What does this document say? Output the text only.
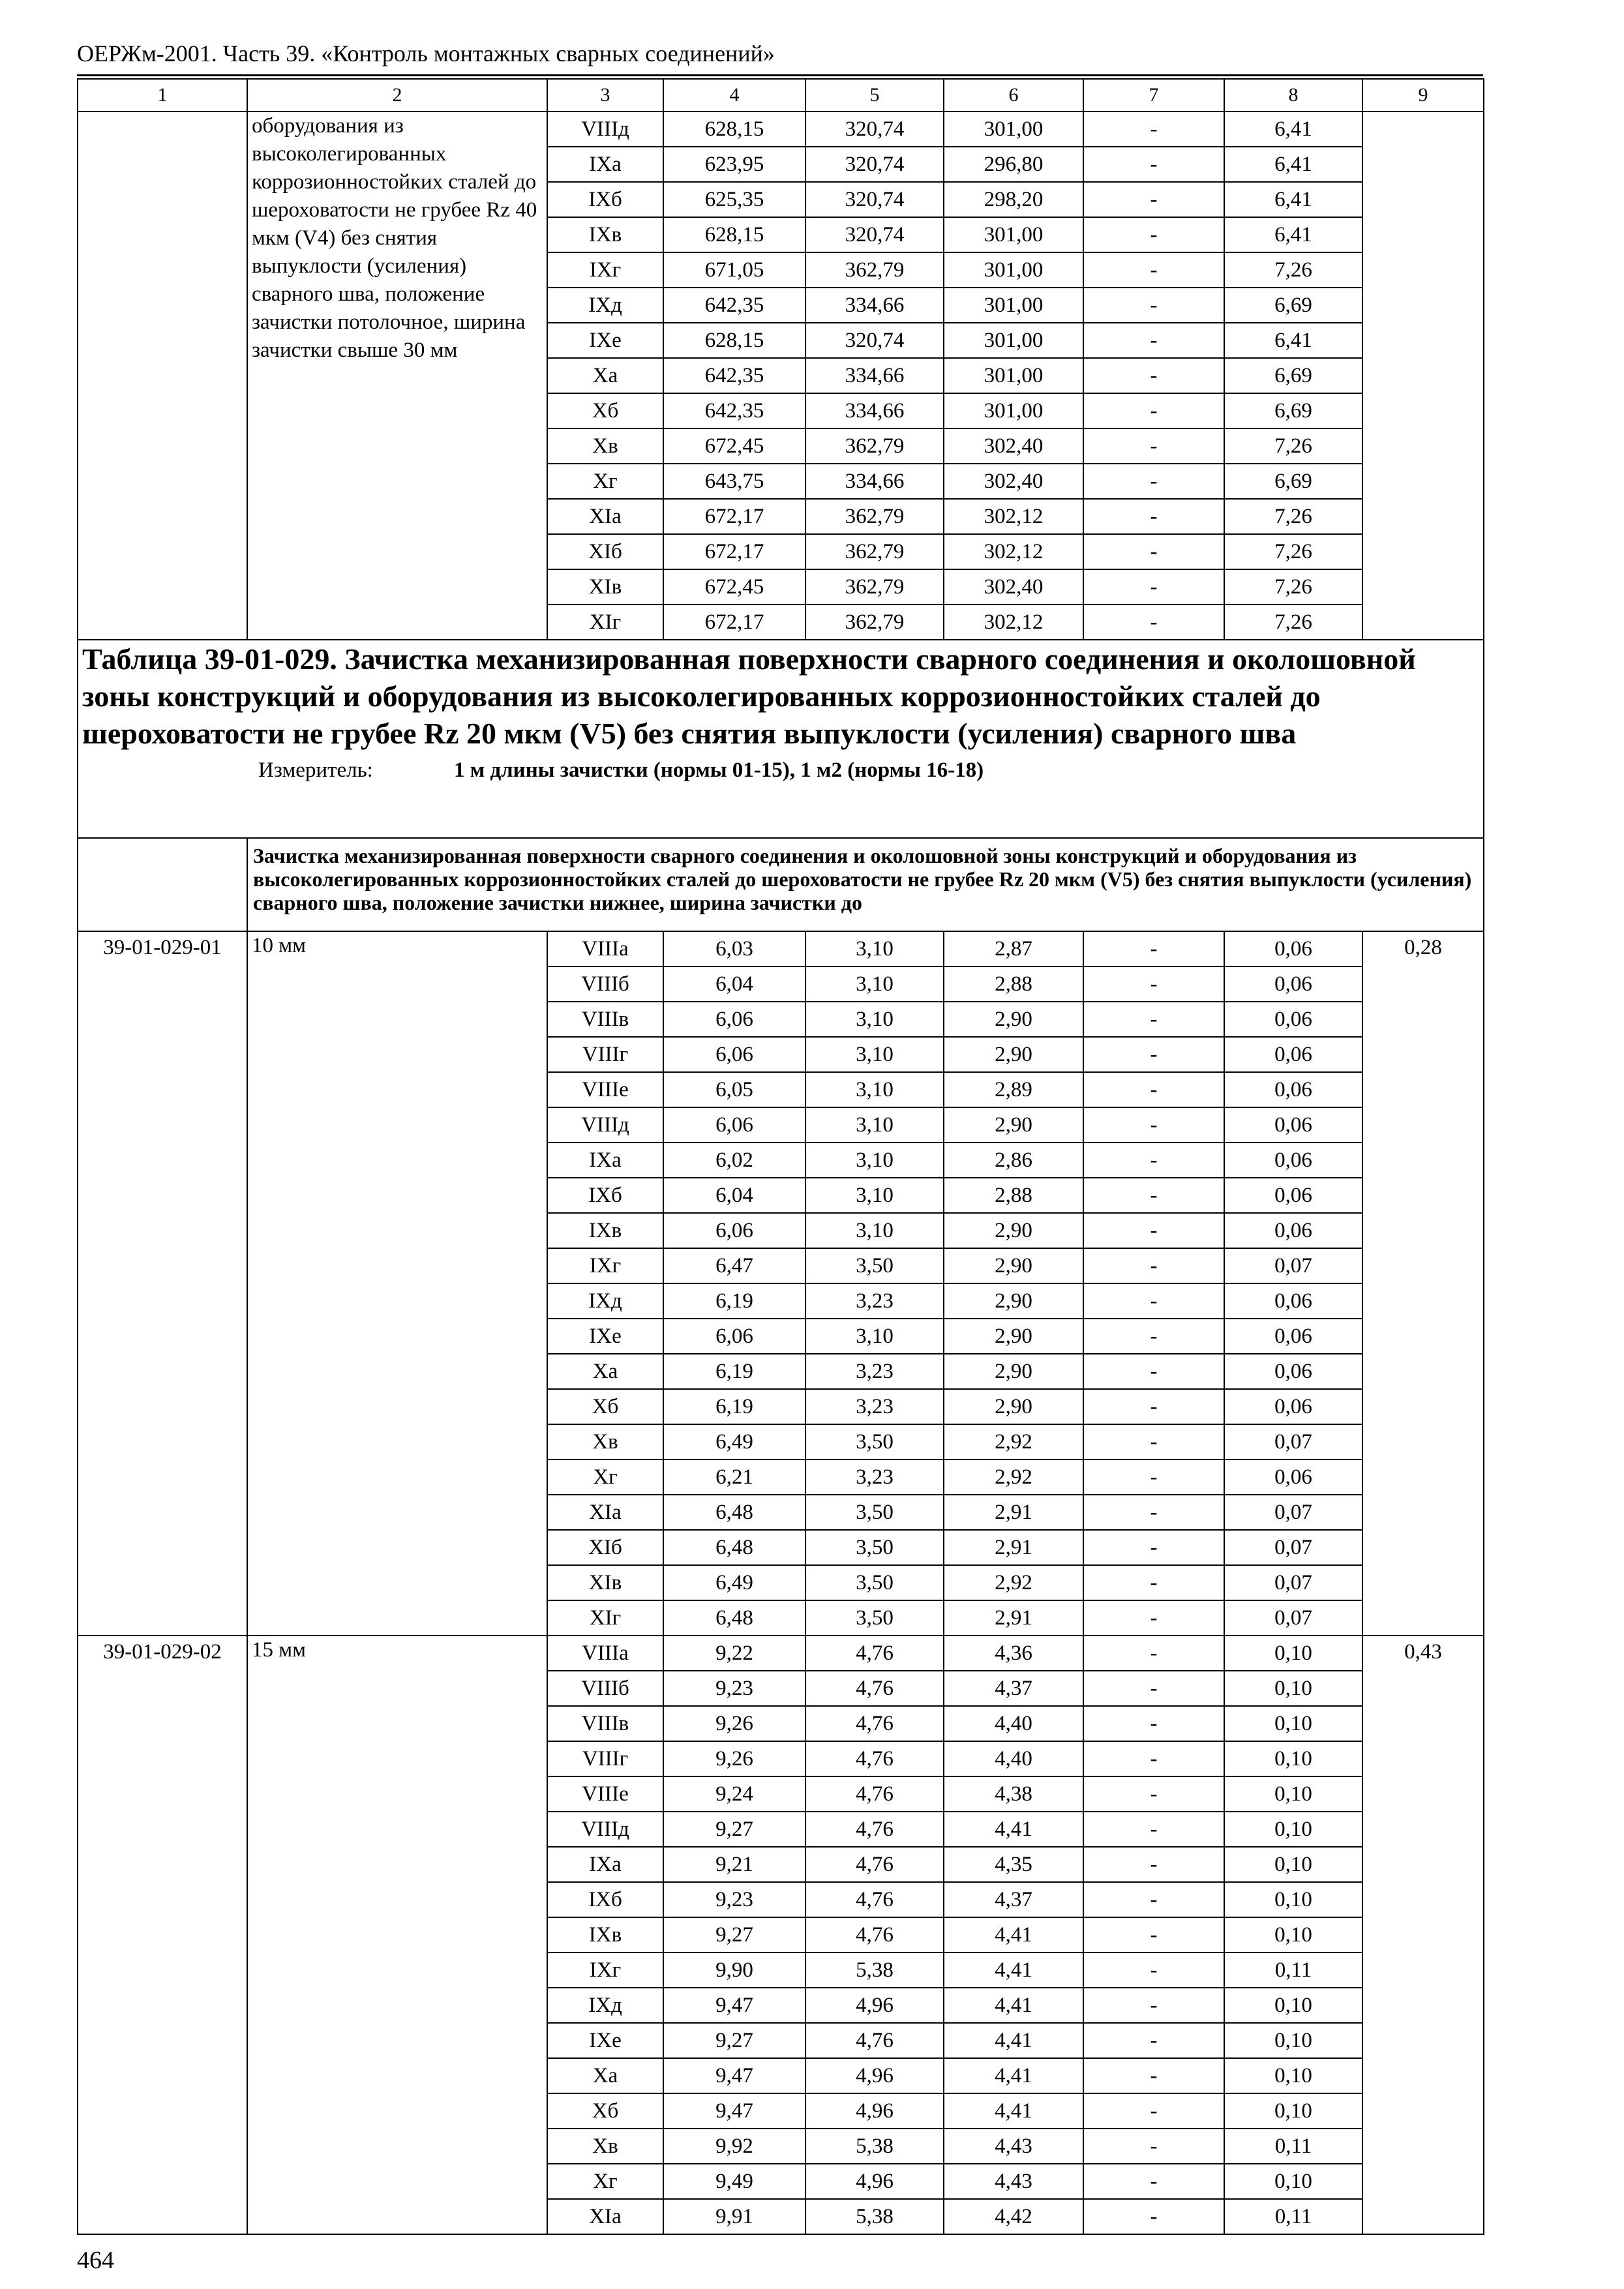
ОЕРЖм-2001. Часть 39. «Контроль монтажных сварных соединений»
1	2	3	4	5	6	7	8	9
	оборудования из высоколегированных коррозионностойких сталей до шероховатости не грубее Rz 40 мкм (V4) без снятия выпуклости (усиления) сварного шва, положение зачистки потолочное, ширина зачистки свыше 30 мм	VIIIд	628,15	320,74	301,00	-	6,41	
		IXа	623,95	320,74	296,80	-	6,41	
		IXб	625,35	320,74	298,20	-	6,41	
		IXв	628,15	320,74	301,00	-	6,41	
		IXг	671,05	362,79	301,00	-	7,26	
		IXд	642,35	334,66	301,00	-	6,69	
		IXе	628,15	320,74	301,00	-	6,41	
		Xа	642,35	334,66	301,00	-	6,69	
		Xб	642,35	334,66	301,00	-	6,69	
		Xв	672,45	362,79	302,40	-	7,26	
		Xг	643,75	334,66	302,40	-	6,69	
		XIа	672,17	362,79	302,12	-	7,26	
		XIб	672,17	362,79	302,12	-	7,26	
		XIв	672,45	362,79	302,40	-	7,26	
		XIг	672,17	362,79	302,12	-	7,26	

Таблица 39-01-029. Зачистка механизированная поверхности сварного соединения и околошовной зоны конструкций и оборудования из высоколегированных коррозионностойких сталей до шероховатости не грубее Rz 20 мкм (V5) без снятия выпуклости (усиления) сварного шва
Измеритель: 1 м длины зачистки (нормы 01-15), 1 м2 (нормы 16-18)								

	Зачистка механизированная поверхности сварного соединения и околошовной зоны конструкций и оборудования из высоколегированных коррозионностойких сталей до шероховатости не грубее Rz 20 мкм (V5) без снятия выпуклости (усиления) сварного шва, положение зачистки нижнее, ширина зачистки до							
39-01-029-01	10 мм	VIIIа	6,03	3,10	2,87	-	0,06	0,28
		VIIIб	6,04	3,10	2,88	-	0,06	
		VIIIв	6,06	3,10	2,90	-	0,06	
		VIIIг	6,06	3,10	2,90	-	0,06	
		VIIIе	6,05	3,10	2,89	-	0,06	
		VIIIд	6,06	3,10	2,90	-	0,06	
		IXа	6,02	3,10	2,86	-	0,06	
		IXб	6,04	3,10	2,88	-	0,06	
		IXв	6,06	3,10	2,90	-	0,06	
		IXг	6,47	3,50	2,90	-	0,07	
		IXд	6,19	3,23	2,90	-	0,06	
		IXе	6,06	3,10	2,90	-	0,06	
		Xа	6,19	3,23	2,90	-	0,06	
		Xб	6,19	3,23	2,90	-	0,06	
		Xв	6,49	3,50	2,92	-	0,07	
		Xг	6,21	3,23	2,92	-	0,06	
		XIа	6,48	3,50	2,91	-	0,07	
		XIб	6,48	3,50	2,91	-	0,07	
		XIв	6,49	3,50	2,92	-	0,07	
		XIг	6,48	3,50	2,91	-	0,07	
39-01-029-02	15 мм	VIIIа	9,22	4,76	4,36	-	0,10	0,43
		VIIIб	9,23	4,76	4,37	-	0,10	
		VIIIв	9,26	4,76	4,40	-	0,10	
		VIIIг	9,26	4,76	4,40	-	0,10	
		VIIIе	9,24	4,76	4,38	-	0,10	
		VIIIд	9,27	4,76	4,41	-	0,10	
		IXа	9,21	4,76	4,35	-	0,10	
		IXб	9,23	4,76	4,37	-	0,10	
		IXв	9,27	4,76	4,41	-	0,10	
		IXг	9,90	5,38	4,41	-	0,11	
		IXд	9,47	4,96	4,41	-	0,10	
		IXе	9,27	4,76	4,41	-	0,10	
		Xа	9,47	4,96	4,41	-	0,10	
		Xб	9,47	4,96	4,41	-	0,10	
		Xв	9,92	5,38	4,43	-	0,11	
		Xг	9,49	4,96	4,43	-	0,10	
		XIа	9,91	5,38	4,42	-	0,11	
464
